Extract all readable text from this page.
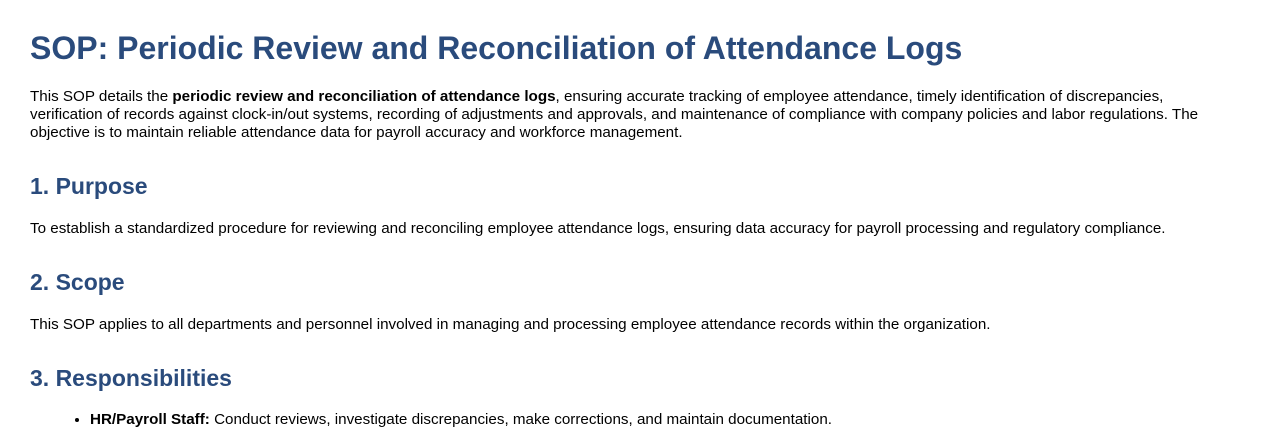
SOP: Periodic Review and Reconciliation of Attendance Logs

This SOP details the periodic review and reconciliation of attendance logs, ensuring accurate tracking of employee attendance, timely identification of discrepancies, verification of records against clock-in/out systems, recording of adjustments and approvals, and maintenance of compliance with company policies and labor regulations. The objective is to maintain reliable attendance data for payroll accuracy and workforce management.

1. Purpose

To establish a standardized procedure for reviewing and reconciling employee attendance logs, ensuring data accuracy for payroll processing and regulatory compliance.

2. Scope

This SOP applies to all departments and personnel involved in managing and processing employee attendance records within the organization.

3. Responsibilities
• HR/Payroll Staff: Conduct reviews, investigate discrepancies, make corrections, and maintain documentation.
